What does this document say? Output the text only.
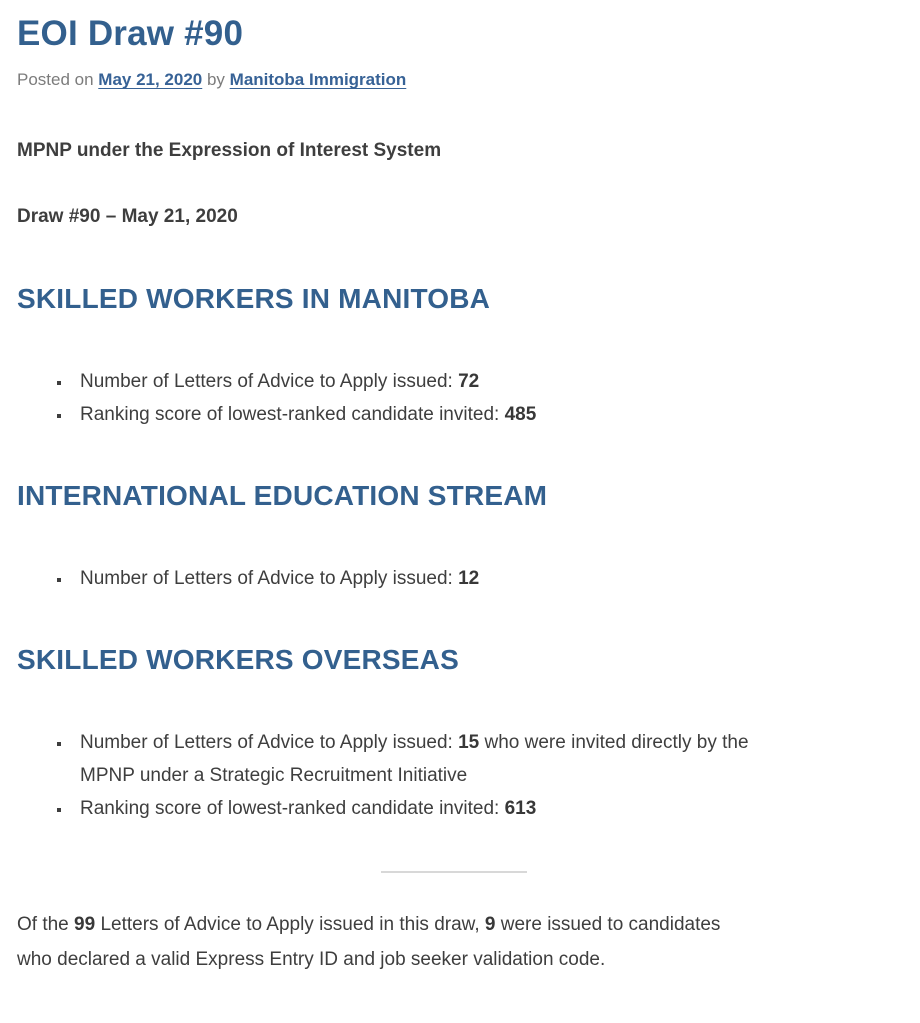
EOI Draw #90

Posted on May 21, 2020 by Manitoba Immigration

MPNP under the Expression of Interest System

Draw #90 – May 21, 2020

SKILLED WORKERS IN MANITOBA
▪ Number of Letters of Advice to Apply issued: 72
▪ Ranking score of lowest-ranked candidate invited: 485
INTERNATIONAL EDUCATION STREAM
▪ Number of Letters of Advice to Apply issued: 12
SKILLED WORKERS OVERSEAS
▪ Number of Letters of Advice to Apply issued: 15 who were invited directly by the MPNP under a Strategic Recruitment Initiative
▪ Ranking score of lowest-ranked candidate invited: 613

Of the 99 Letters of Advice to Apply issued in this draw, 9 were issued to candidates who declared a valid Express Entry ID and job seeker validation code.
